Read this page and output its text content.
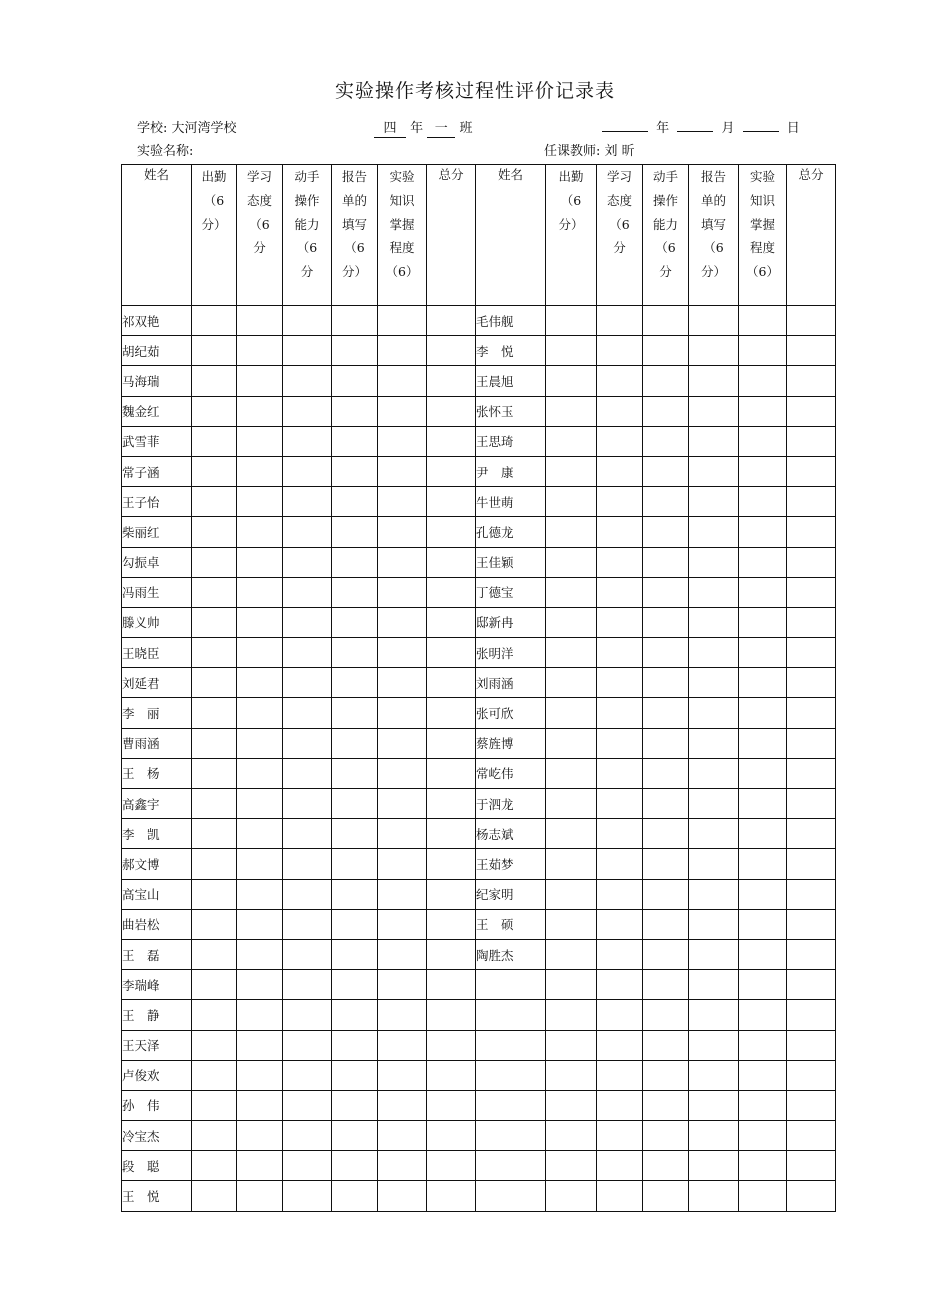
实验操作考核过程性评价记录表
学校: 大河湾学校	四 年 一 班	年	月	日
实验名称:	任课教师: 刘 昕
姓名	出勤
（6
分）	学习
态度
（6
分	动手
操作
能力
（6
分	报告
单的
填写
（6
分）	实验
知识
掌握
程度
（6）	总分	姓名	出勤
（6
分）	学习
态度
（6
分	动手
操作
能力
（6
分	报告
单的
填写
（6
分）	实验
知识
掌握
程度
（6）	总分
祁双艳							毛伟舰						
胡纪茹							李　悦						
马海瑞							王晨旭						
魏金红							张怀玉						
武雪菲							王思琦						
常子涵							尹　康						
王子怡							牛世萌						
柴丽红							孔德龙						
勾振卓							王佳颖						
冯雨生							丁德宝						
滕义帅							邸新冉						
王晓臣							张明洋						
刘延君							刘雨涵						
李　丽							张可欣						
曹雨涵							蔡旌博						
王　杨							常屹伟						
高鑫宇							于泗龙						
李　凯							杨志斌						
郝文博							王茹梦						
高宝山							纪家明						
曲岩松							王　硕						
王　磊							陶胜杰						
李瑞峰													
王　静													
王天泽													
卢俊欢													
孙　伟													
冷宝杰													
段　聪													
王　悦													
